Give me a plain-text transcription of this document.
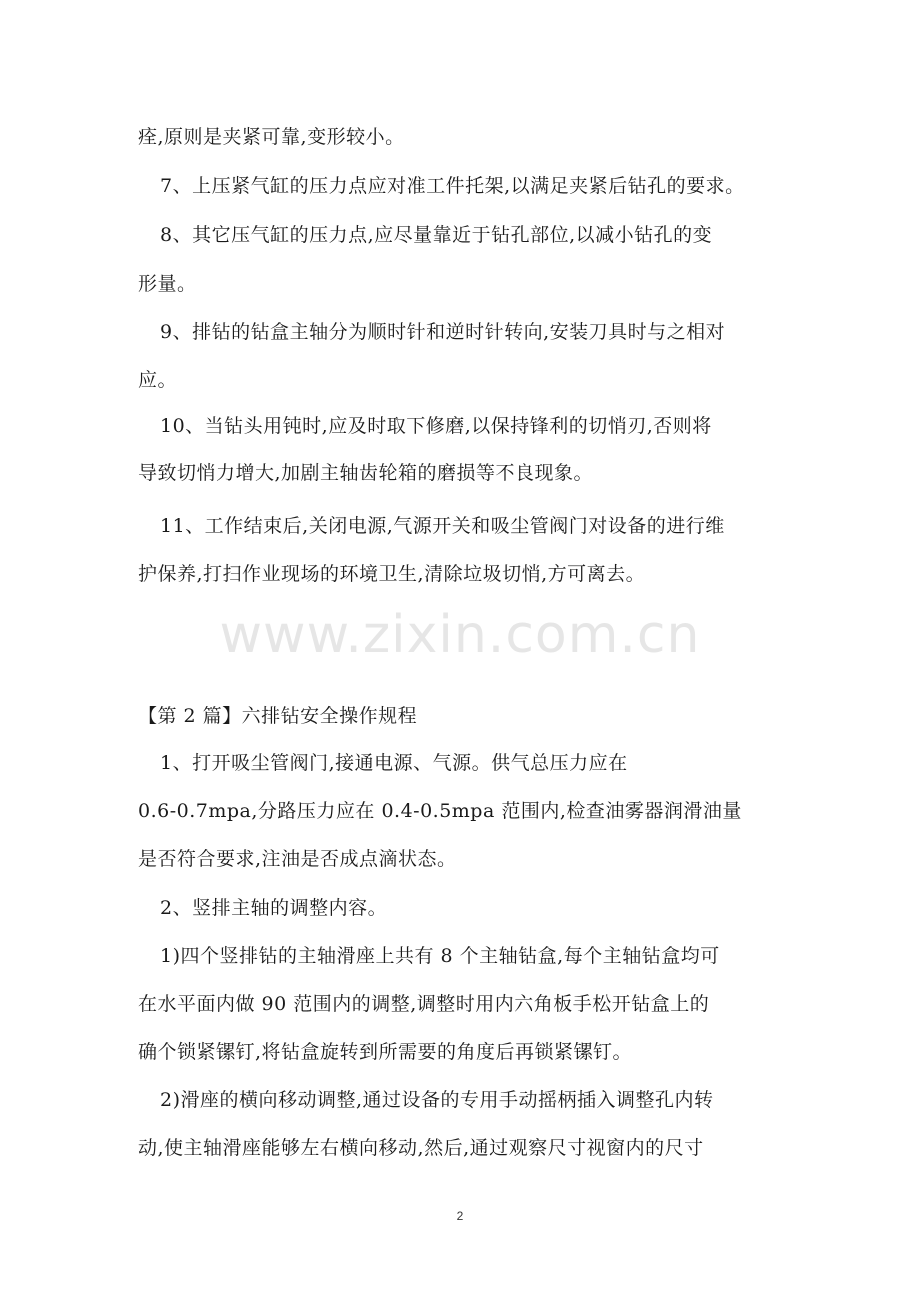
痊,原则是夹紧可靠,变形较小。
7、上压紧气缸的压力点应对准工件托架,以满足夹紧后钻孔的要求。
8、其它压气缸的压力点,应尽量靠近于钻孔部位,以减小钻孔的变
形量。
9、排钻的钻盒主轴分为顺时针和逆时针转向,安装刀具时与之相对
应。
10、当钻头用钝时,应及时取下修磨,以保持锋利的切悄刃,否则将
导致切悄力增大,加剧主轴齿轮箱的磨损等不良现象。
11、工作结束后,关闭电源,气源开关和吸尘管阀门对设备的进行维
护保养,打扫作业现场的环境卫生,清除垃圾切悄,方可离去。
www.zixin.com.cn
【第 2 篇】六排钻安全操作规程
1、打开吸尘管阀门,接通电源、气源。供气总压力应在
0.6-0.7mpa,分路压力应在 0.4-0.5mpa 范围内,检查油雾器润滑油量
是否符合要求,注油是否成点滴状态。
2、竖排主轴的调整内容。
1)四个竖排钻的主轴滑座上共有 8 个主轴钻盒,每个主轴钻盒均可
在水平面内做 90 范围内的调整,调整时用内六角板手松开钻盒上的
确个锁紧镙钉,将钻盒旋转到所需要的角度后再锁紧镙钉。
2)滑座的横向移动调整,通过设备的专用手动摇柄插入调整孔内转
动,使主轴滑座能够左右横向移动,然后,通过观察尺寸视窗内的尺寸
2
